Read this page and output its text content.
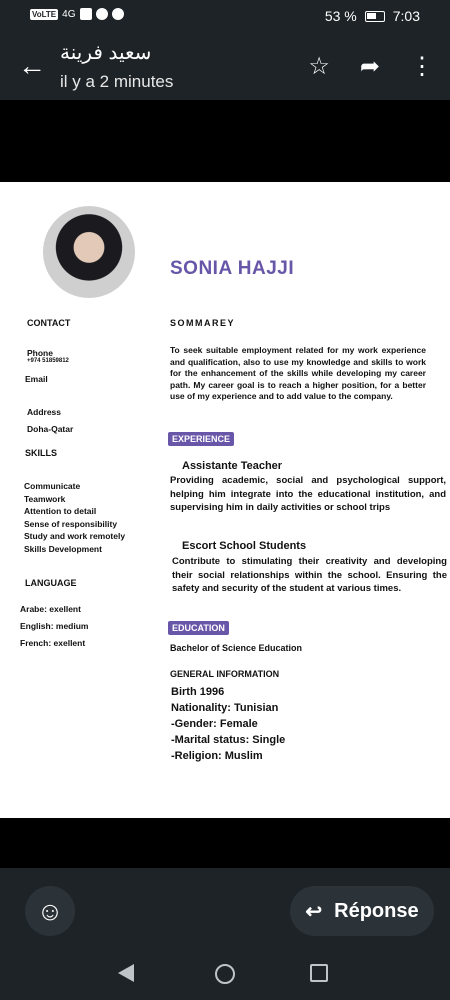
VoLTE 4G	53 %	7:03
← سعيد فرينة
il y a 2 minutes
☆ ➦ ⋮
SONIA HAJJI
CONTACT
Phone
+974 51859812
Email
Address
Doha-Qatar
SKILLS
Communicate
Teamwork
Attention to detail
Sense of responsibility
Study and work remotely
Skills Development
LANGUAGE
Arabe: exellent
English: medium
French: exellent
SOMMAREY
To seek suitable employment related for my work experience and qualification, also to use my knowledge and skills to work for the enhancement of the skills while developing my career path. My career goal is to reach a higher position, for a better use of my experience and to add value to the company.
EXPERIENCE
Assistante Teacher
Providing academic, social and psychological support, helping him integrate into the educational institution, and supervising him in daily activities or school trips
Escort School Students
Contribute to stimulating their creativity and developing their social relationships within the school. Ensuring the safety and security of the student at various times.
EDUCATION
Bachelor of Science Education
GENERAL INFORMATION
Birth 1996
Nationality: Tunisian
-Gender: Female
-Marital status: Single
-Religion: Muslim
☺	↩ Réponse
